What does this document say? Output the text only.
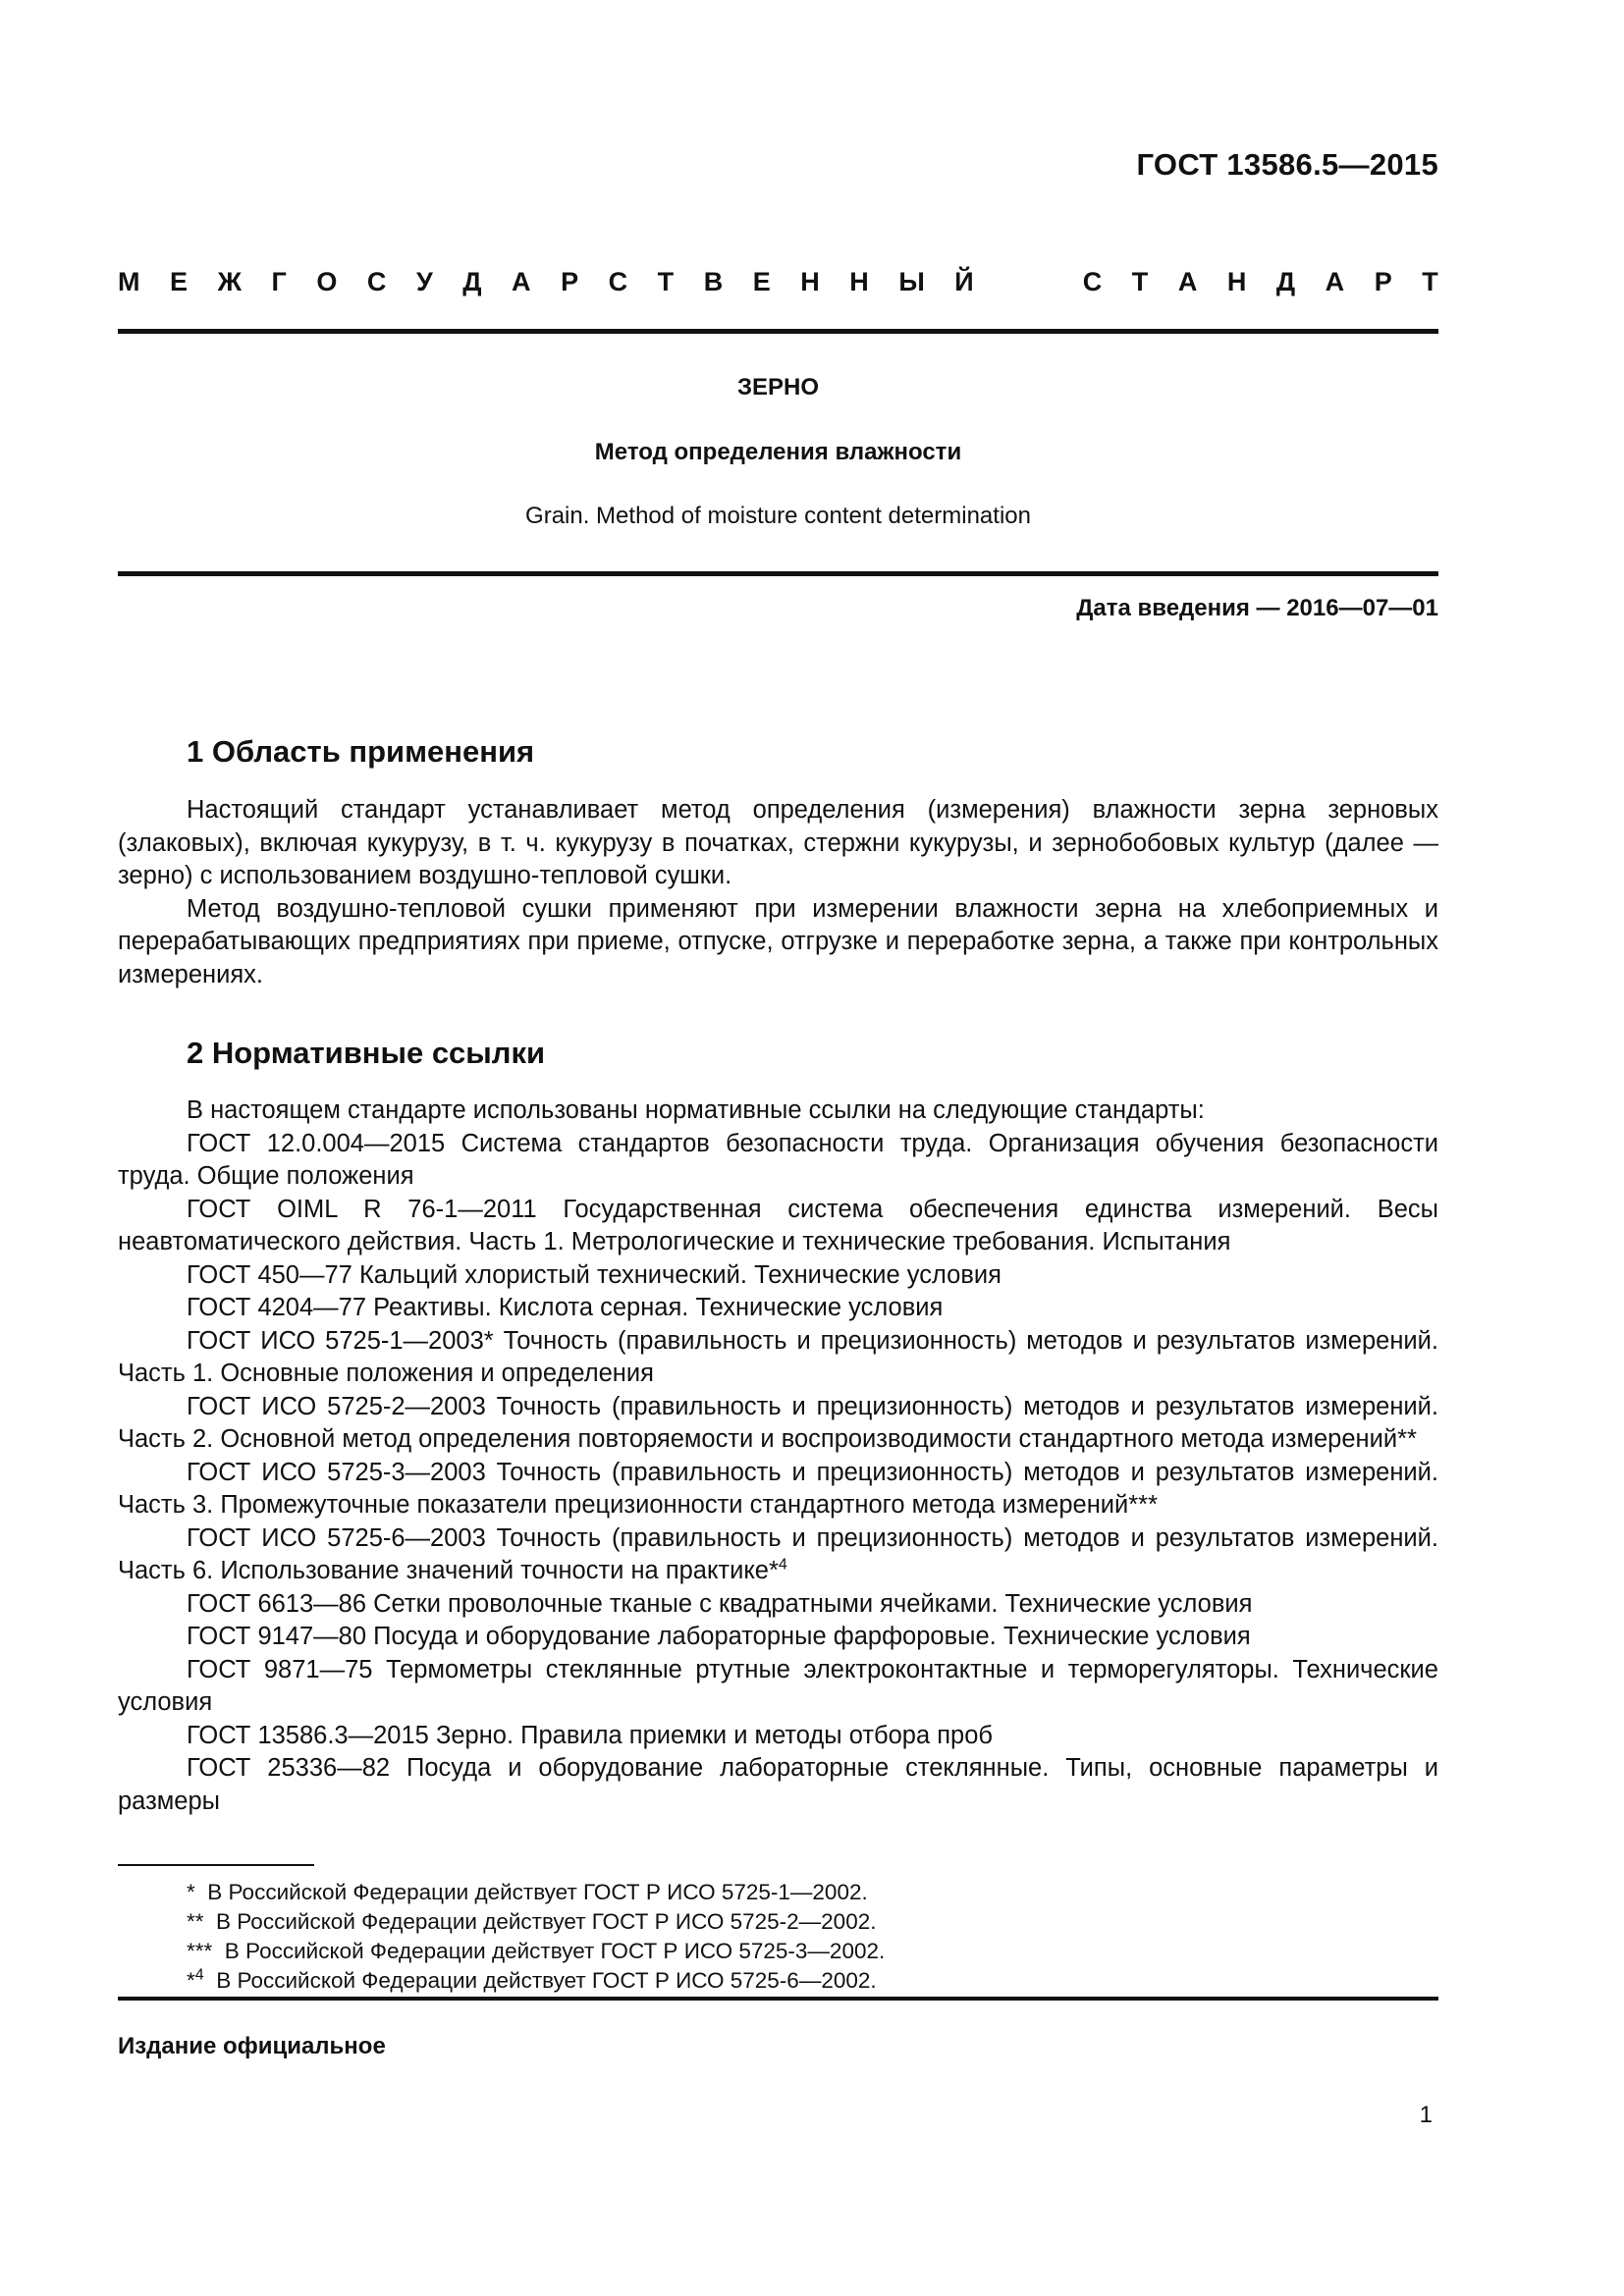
ГОСТ 13586.5—2015
М Е Ж Г О С У Д А Р С Т В Е Н Н Ы Й	С Т А Н Д А Р Т
ЗЕРНО
Метод определения влажности
Grain. Method of moisture content determination
Дата введения — 2016—07—01
1 Область применения

Настоящий стандарт устанавливает метод определения (измерения) влажности зерна зерновых (злаковых), включая кукурузу, в т. ч. кукурузу в початках, стержни кукурузы, и зернобобовых культур (далее — зерно) с использованием воздушно-тепловой сушки.

Метод воздушно-тепловой сушки применяют при измерении влажности зерна на хлебоприемных и перерабатывающих предприятиях при приеме, отпуске, отгрузке и переработке зерна, а также при контрольных измерениях.

2 Нормативные ссылки

В настоящем стандарте использованы нормативные ссылки на следующие стандарты:

ГОСТ 12.0.004—2015 Система стандартов безопасности труда. Организация обучения безопасности труда. Общие положения

ГОСТ OIML R 76-1—2011 Государственная система обеспечения единства измерений. Весы неавтоматического действия. Часть 1. Метрологические и технические требования. Испытания

ГОСТ 450—77 Кальций хлористый технический. Технические условия

ГОСТ 4204—77 Реактивы. Кислота серная. Технические условия

ГОСТ ИСО 5725-1—2003* Точность (правильность и прецизионность) методов и результатов измерений. Часть 1. Основные положения и определения

ГОСТ ИСО 5725-2—2003 Точность (правильность и прецизионность) методов и результатов измерений. Часть 2. Основной метод определения повторяемости и воспроизводимости стандартного метода измерений**

ГОСТ ИСО 5725-3—2003 Точность (правильность и прецизионность) методов и результатов измерений. Часть 3. Промежуточные показатели прецизионности стандартного метода измерений***

ГОСТ ИСО 5725-6—2003 Точность (правильность и прецизионность) методов и результатов измерений. Часть 6. Использование значений точности на практике*$^4$

ГОСТ 6613—86 Сетки проволочные тканые с квадратными ячейками. Технические условия

ГОСТ 9147—80 Посуда и оборудование лабораторные фарфоровые. Технические условия

ГОСТ 9871—75 Термометры стеклянные ртутные электроконтактные и терморегуляторы. Технические условия

ГОСТ 13586.3—2015 Зерно. Правила приемки и методы отбора проб

ГОСТ 25336—82 Посуда и оборудование лабораторные стеклянные. Типы, основные параметры и размеры

* В Российской Федерации действует ГОСТ Р ИСО 5725-1—2002.
** В Российской Федерации действует ГОСТ Р ИСО 5725-2—2002.
*** В Российской Федерации действует ГОСТ Р ИСО 5725-3—2002.
*$^4$ В Российской Федерации действует ГОСТ Р ИСО 5725-6—2002.
Издание официальное
1
